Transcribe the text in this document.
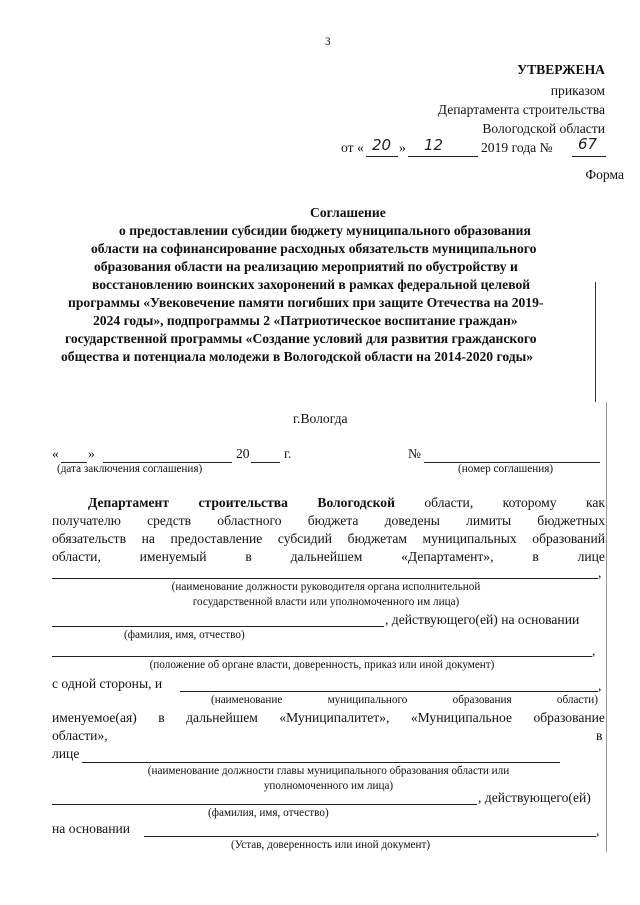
3
УТВЕРЖЕНА
приказом
Департамента строительства
Вологодской области
от « 20 » 12	2019 года № 67
Форма
Соглашение
о предоставлении субсидии бюджету муниципального образования
области на софинансирование расходных обязательств муниципального
образования области на реализацию мероприятий по обустройству и
восстановлению воинских захоронений в рамках федеральной целевой
программы «Увековечение памяти погибших при защите Отечества на 2019-
2024 годы», подпрограммы 2 «Патриотическое воспитание граждан»
государственной программы «Создание условий для развития гражданского
общества и потенциала молодежи в Вологодской области на 2014-2020 годы»
г.Вологда
« »	20	г.	№
(дата заключения соглашения)	(номер соглашения)
Департамент строительства Вологодской области, которому как
получателю средств областного бюджета доведены лимиты бюджетных
обязательств на предоставление субсидий бюджетам муниципальных образований
области,	именуемый	в	дальнейшем	«Департамент»,	в	лице
,
(наименование должности руководителя органа исполнительной
государственной власти или уполномоченного им лица)
, действующего(ей) на основании
(фамилия, имя, отчество)
,
(положение об органе власти, доверенность, приказ или иной документ)
с одной стороны, и	,
(наименование	муниципального	образования	области)
именуемое(ая) в дальнейшем «Муниципалитет», «Муниципальное образование
области»,	в
лице
(наименование должности главы муниципального образования области или
уполномоченного им лица)
, действующего(ей)
(фамилия, имя, отчество)
на основании	,
(Устав, доверенность или иной документ)
